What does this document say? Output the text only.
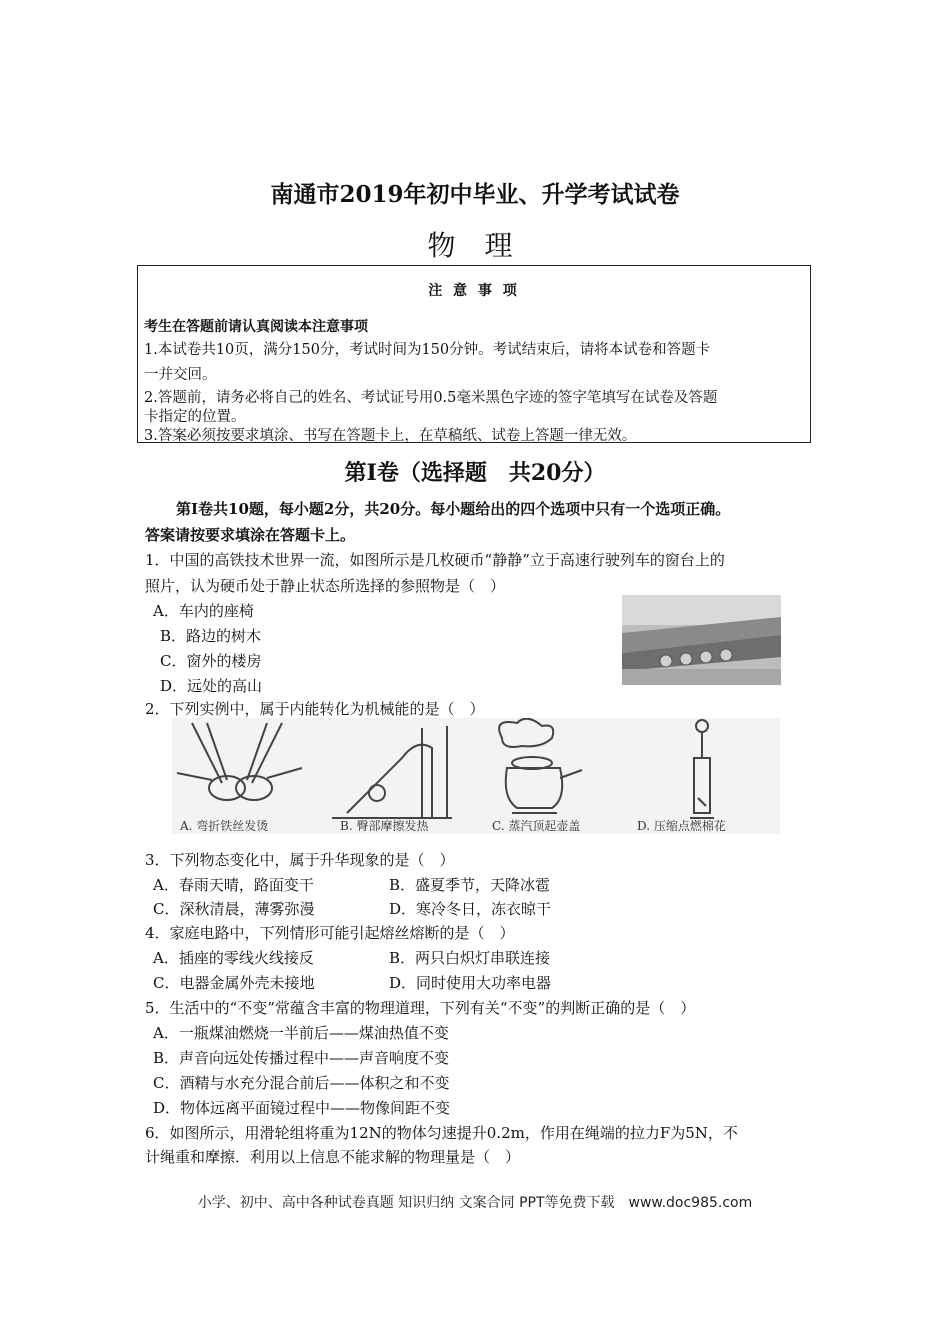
南通市2019年初中毕业、升学考试试卷
物 理
注 意 事 项
考生在答题前请认真阅读本注意事项
1.本试卷共10页，满分150分，考试时间为150分钟。考试结束后，请将本试卷和答题卡
一并交回。
2.答题前，请务必将自己的姓名、考试证号用0.5毫米黑色字迹的签字笔填写在试卷及答题
卡指定的位置。
3.答案必须按要求填涂、书写在答题卡上，在草稿纸、试卷上答题一律无效。
第Ⅰ卷（选择题　共20分）
第Ⅰ卷共10题，每小题2分，共20分。每小题给出的四个选项中只有一个选项正确。
答案请按要求填涂在答题卡上。
1．中国的高铁技术世界一流，如图所示是几枚硬币“静静”立于高速行驶列车的窗台上的
照片，认为硬币处于静止状态所选择的参照物是（　）
A．车内的座椅
B．路边的树木
C．窗外的楼房
D．远处的高山
2．下列实例中，属于内能转化为机械能的是（　）
A. 弯折铁丝发烫	B. 臀部摩擦发热	C. 蒸汽顶起壶盖	D. 压缩点燃棉花
3．下列物态变化中，属于升华现象的是（　）
A．春雨天晴，路面变干	B．盛夏季节，天降冰雹
C．深秋清晨，薄雾弥漫	D．寒冷冬日，冻衣晾干
4．家庭电路中，下列情形可能引起熔丝熔断的是（　）
A．插座的零线火线接反	B．两只白炽灯串联连接
C．电器金属外壳未接地	D．同时使用大功率电器
5．生活中的“不变”常蕴含丰富的物理道理，下列有关“不变”的判断正确的是（　）
A．一瓶煤油燃烧一半前后——煤油热值不变
B．声音向远处传播过程中——声音响度不变
C．酒精与水充分混合前后——体积之和不变
D．物体远离平面镜过程中——物像间距不变
6．如图所示，用滑轮组将重为12N的物体匀速提升0.2m，作用在绳端的拉力F为5N，不
计绳重和摩擦．利用以上信息不能求解的物理量是（　）
小学、初中、高中各种试卷真题 知识归纳 文案合同 PPT等免费下载　www.doc985.com
